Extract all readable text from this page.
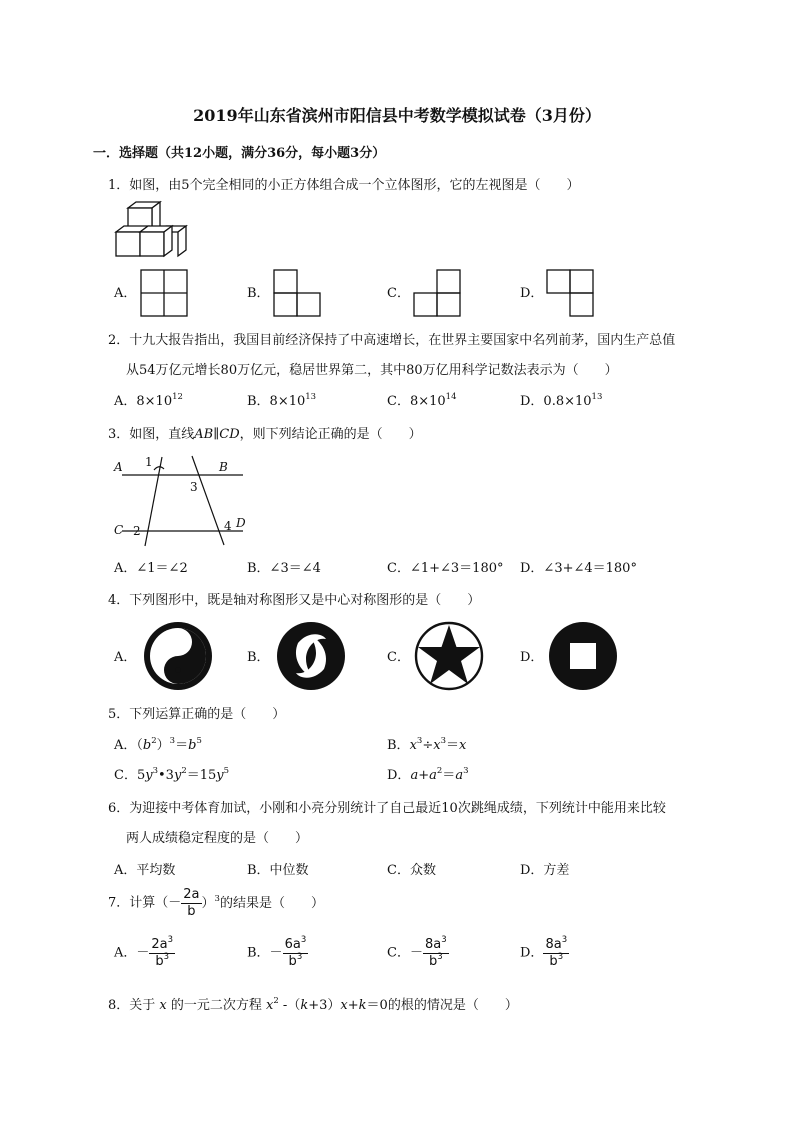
2019年山东省滨州市阳信县中考数学模拟试卷（3月份）
一．选择题（共12小题，满分36分，每小题3分）
1．如图，由5个完全相同的小正方体组合成一个立体图形，它的左视图是（　　）
A．	B．	C．	D．
2．十九大报告指出，我国目前经济保持了中高速增长，在世界主要国家中名列前茅，国内生产总值
从54万亿元增长80万亿元，稳居世界第二，其中80万亿用科学记数法表示为（　　）
A．$8\times 10^{12}$	B．$8\times 10^{13}$	C．$8\times 10^{14}$	D．$0.8\times 10^{13}$
3．如图，直线AB∥CD，则下列结论正确的是（　　）
A	B
C	D
1
2
3
4
A．∠1＝∠2	B．∠3＝∠4	C．∠1+∠3＝180° D．∠3+∠4＝180°
4．下列图形中，既是轴对称图形又是中心对称图形的是（　　）
A．	B．	C．	D．
5．下列运算正确的是（　　）
A．$(b^2)^3=b^5$	B．$x^3\div x^3=x$
C．$5y^3•3y^2=15y^5$	D．$a+a^2=a^3$
6．为迎接中考体育加试，小刚和小亮分别统计了自己最近10次跳绳成绩，下列统计中能用来比较
两人成绩稳定程度的是（　　）
A．平均数	B．中位数	C．众数	D．方差
7．计算（－ $\frac{2a}{b} )^3$的结果是（　　）
A．－ $\frac{2a^3}{b^3}$	B．－ $\frac{6a^3}{b^3}$	C．－ $\frac{8a^3}{b^3}$	D． $\frac{8a^3}{b^3}$
8．关于 x 的一元二次方程 $x^2$ -（k+3）x+k＝0的根的情况是（　　）
